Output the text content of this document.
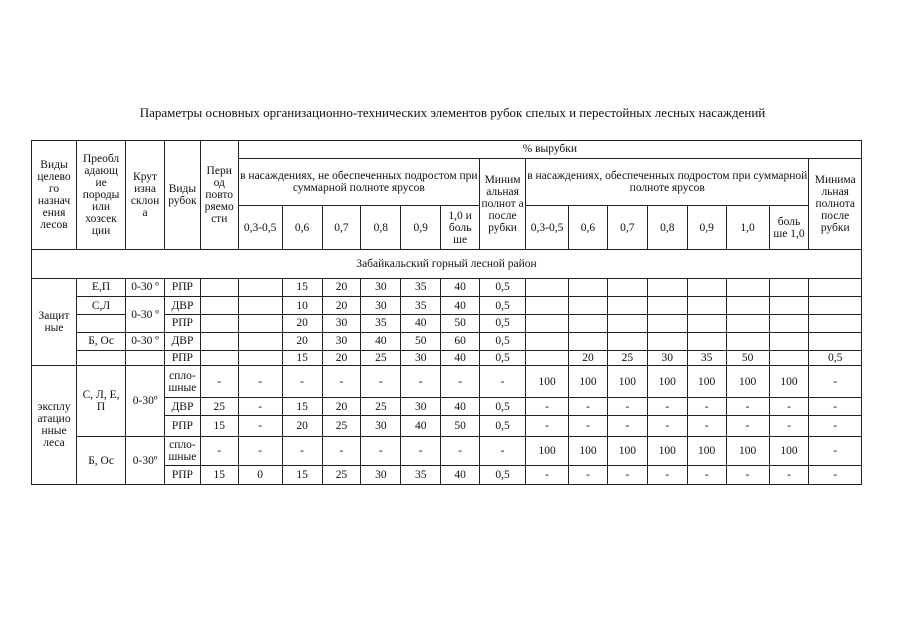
Параметры основных организационно-технических элементов рубок спелых и перестойных лесных насаждений
Виды целево го назнач ения лесов	Преобл адающ ие породы или хозсек ции	Крут изна склон а	Виды рубок	Пери од повто ряемо сти	% вырубки														
					в насаждениях, не обеспеченных подростом при суммарной полноте ярусов						Миним альная полнот а после рубки	в насаждениях, обеспеченных подростом при суммарной полноте ярусов							Минима льная полнота после рубки
					0,3-0,5	0,6	0,7	0,8	0,9	1,0 и боль ше		0,3-0,5	0,6	0,7	0,8	0,9	1,0	боль ше 1,0	
Забайкальский горный лесной район																			
Защит ные	Е,П	0-30 º	РПР			15	20	30	35	40	0,5								
	С,Л	0-30 º	ДВР			10	20	30	35	40	0,5								
			РПР			20	30	35	40	50	0,5								
	Б, Ос	0-30 º	ДВР			20	30	40	50	60	0,5								
			РПР			15	20	25	30	40	0,5		20	25	30	35	50		0,5
эксплу атацио нные леса	С, Л, Е, П	0-30º	спло-шные	-	-	-	-	-	-	-	-	100	100	100	100	100	100	100	-
			ДВР	25	-	15	20	25	30	40	0,5	-	-	-	-	-	-	-	-
			РПР	15	-	20	25	30	40	50	0,5	-	-	-	-	-	-	-	-
	Б, Ос	0-30º	спло-шные	-	-	-	-	-	-	-	-	100	100	100	100	100	100	100	-
			РПР	15	0	15	25	30	35	40	0,5	-	-	-	-	-	-	-	-
